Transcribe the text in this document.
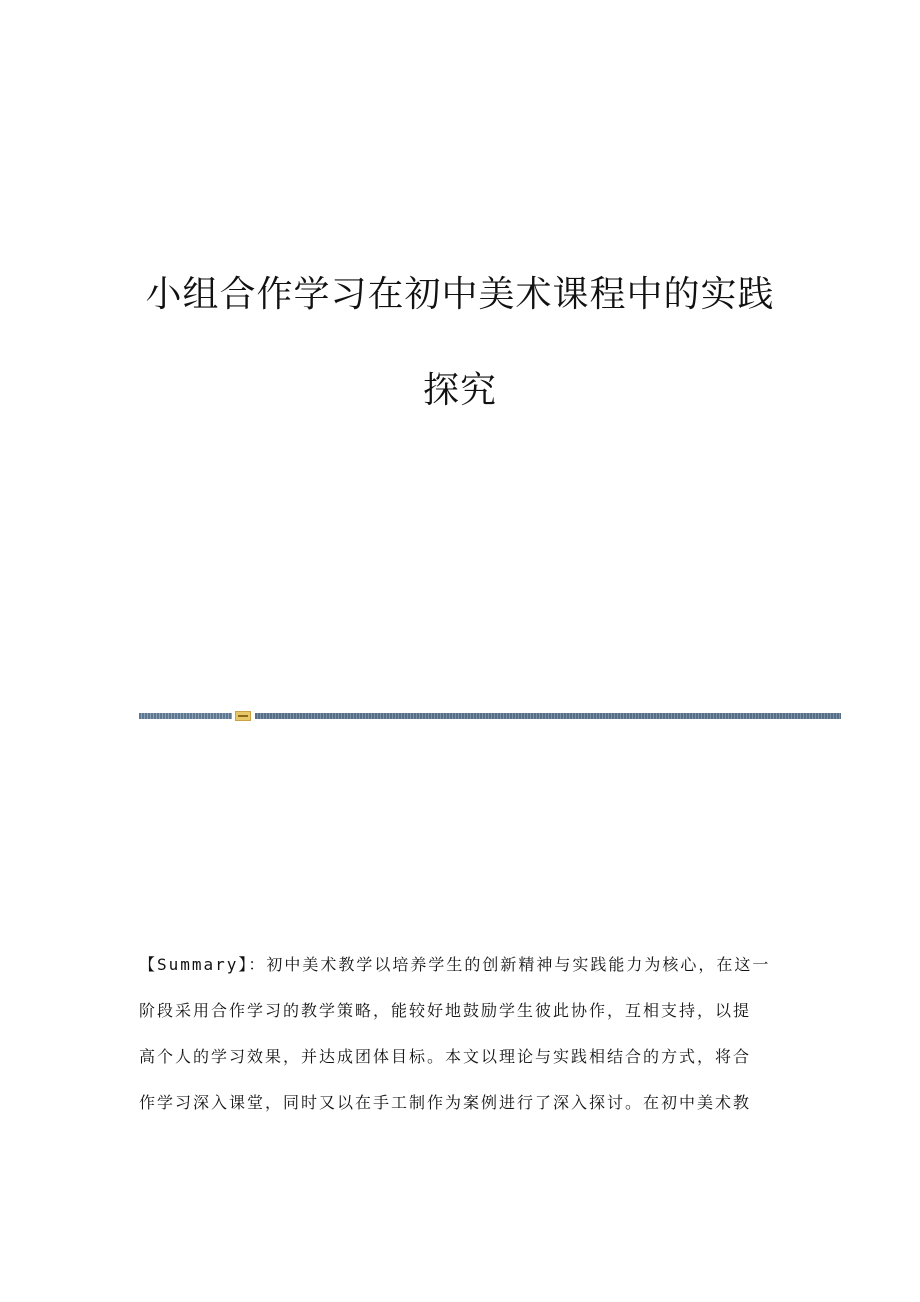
小组合作学习在初中美术课程中的实践
探究
【Summary】：初中美术教学以培养学生的创新精神与实践能力为核心，在这一
阶段采用合作学习的教学策略，能较好地鼓励学生彼此协作，互相支持，以提
高个人的学习效果，并达成团体目标。本文以理论与实践相结合的方式，将合
作学习深入课堂，同时又以在手工制作为案例进行了深入探讨。在初中美术教
